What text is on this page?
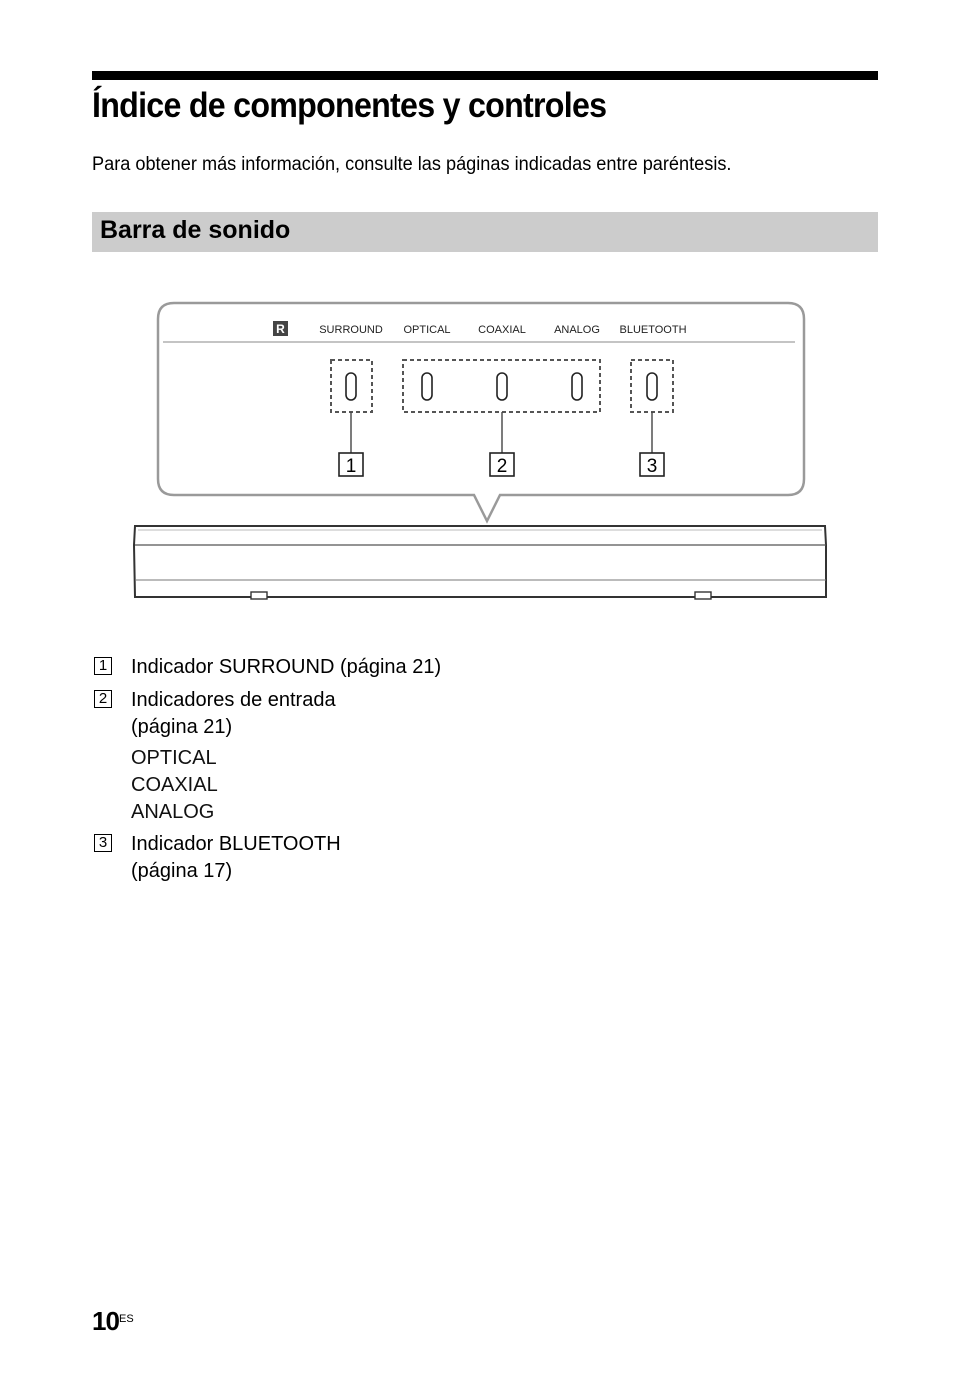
Índice de componentes y controles

Para obtener más información, consulte las páginas indicadas entre paréntesis.

Barra de sonido
R	SURROUND OPTICAL	COAXIAL	ANALOG BLUETOOTH
1	2	3
1 Indicador SURROUND (página 21)
2 Indicadores de entrada (página 21)
OPTICAL
COAXIAL
ANALOG
3 Indicador BLUETOOTH (página 17)
10 ES
